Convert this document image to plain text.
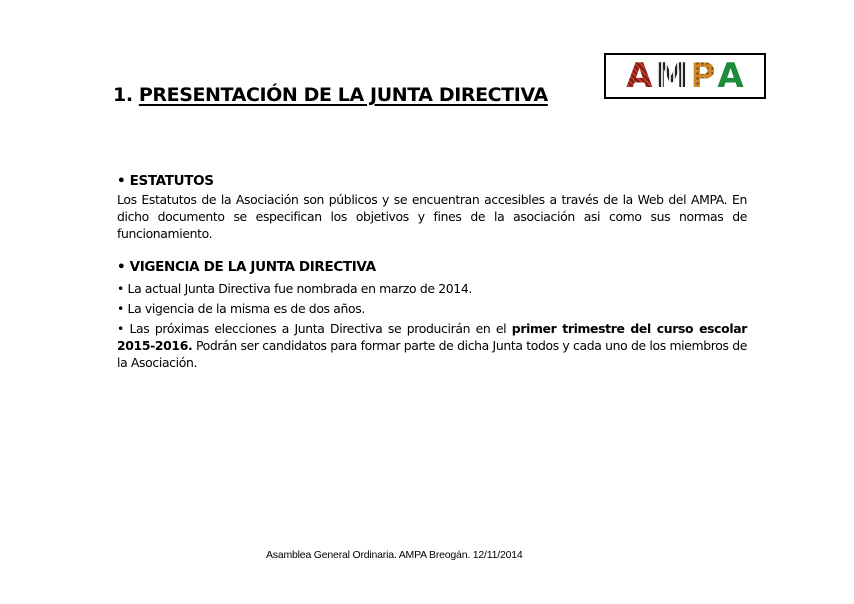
1. PRESENTACIÓN DE LA JUNTA DIRECTIVA A M P A
• ESTATUTOS

Los Estatutos de la Asociación son públicos y se encuentran accesibles a través de la Web del AMPA. En dicho documento se especifican los objetivos y fines de la asociación asi como sus normas de funcionamiento.

• VIGENCIA DE LA JUNTA DIRECTIVA

• La actual Junta Directiva fue nombrada en marzo de 2014.

• La vigencia de la misma es de dos años.

• Las próximas elecciones a Junta Directiva se producirán en el primer trimestre del curso escolar 2015-2016. Podrán ser candidatos para formar parte de dicha Junta todos y cada uno de los miembros de la Asociación.

Asamblea General Ordinaria. AMPA Breogán. 12/11/2014
